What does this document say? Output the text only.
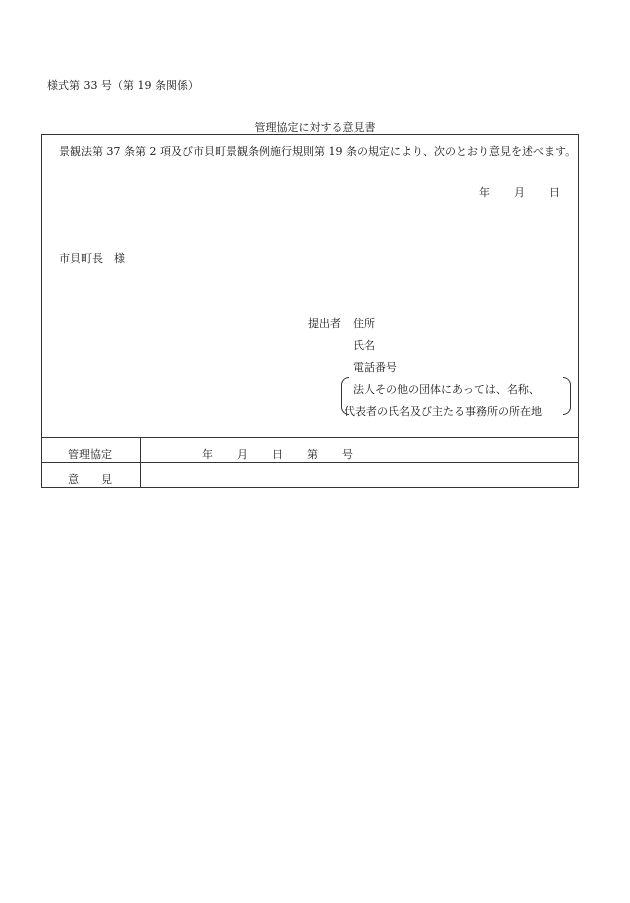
様式第 33 号（第 19 条関係）
管理協定に対する意見書
景観法第 37 条第 2 項及び市貝町景観条例施行規則第 19 条の規定により、次のとおり意見を述べます。
年 月 日
市貝町長　様
提出者 住所
氏名
電話番号
法人その他の団体にあっては、名称、
代表者の氏名及び主たる事務所の所在地
管理協定	年 月 日 第 号
意 見
